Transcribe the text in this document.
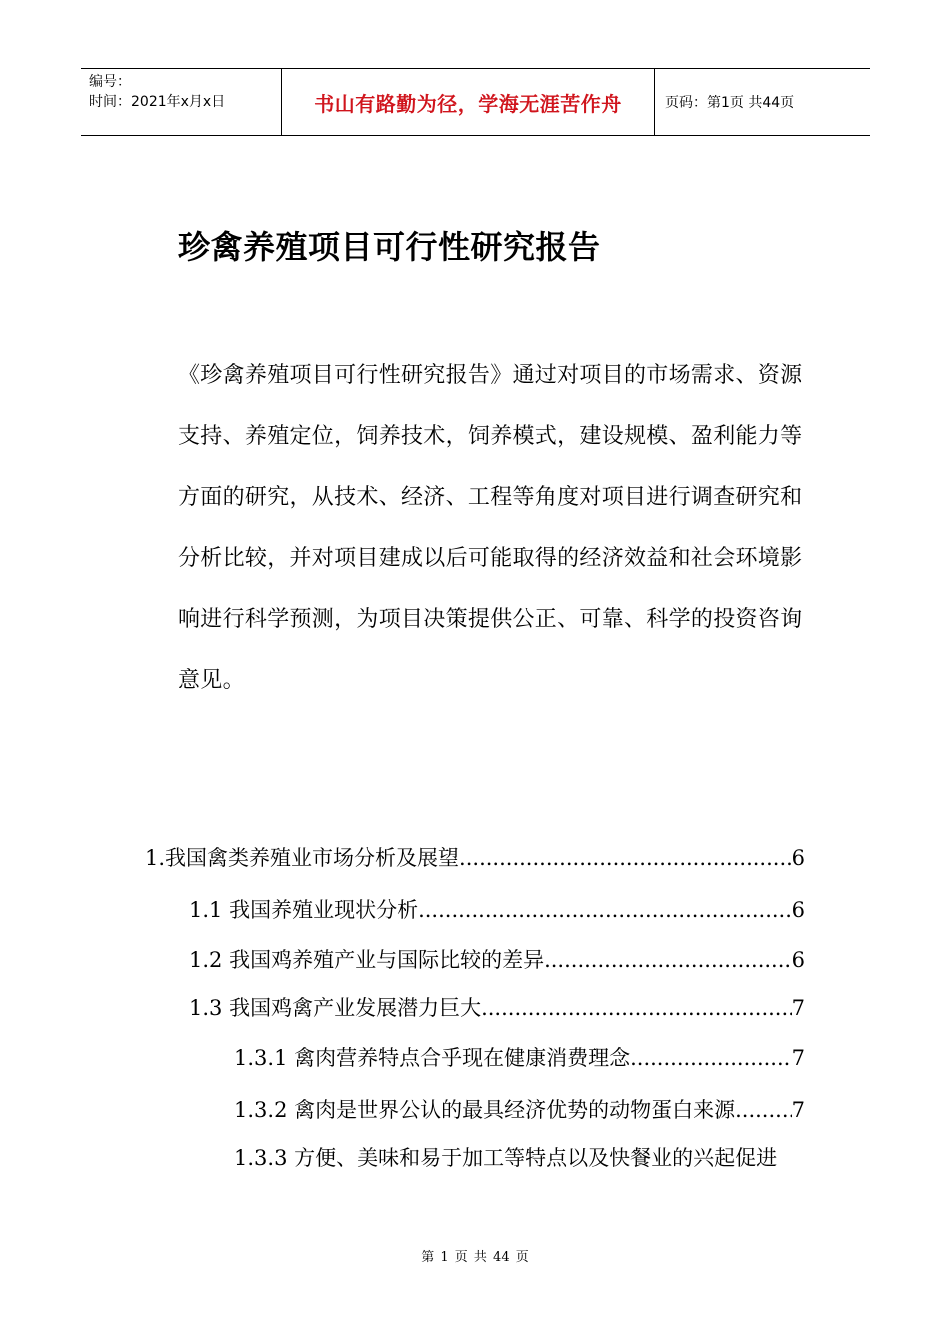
编号：
时间：2021年x月x日	书山有路勤为径，学海无涯苦作舟	页码：第1页 共44页
珍禽养殖项目可行性研究报告
《珍禽养殖项目可行性研究报告》通过对项目的市场需求、资源
支持、养殖定位，饲养技术，饲养模式，建设规模、盈利能力等
方面的研究，从技术、经济、工程等角度对项目进行调查研究和
分析比较，并对项目建成以后可能取得的经济效益和社会环境影
响进行科学预测，为项目决策提供公正、可靠、科学的投资咨询
意见。
1.我国禽类养殖业市场分析及展望 .....	6
1.1 我国养殖业现状分析 .....	6
1.2 我国鸡养殖产业与国际比较的差异 .....	6
1.3 我国鸡禽产业发展潜力巨大 .....	7
1.3.1 禽肉营养特点合乎现在健康消费理念 .....	7
1.3.2 禽肉是世界公认的最具经济优势的动物蛋白来源 .....	7
1.3.3 方便、美味和易于加工等特点以及快餐业的兴起促进
第 1 页 共 44 页
